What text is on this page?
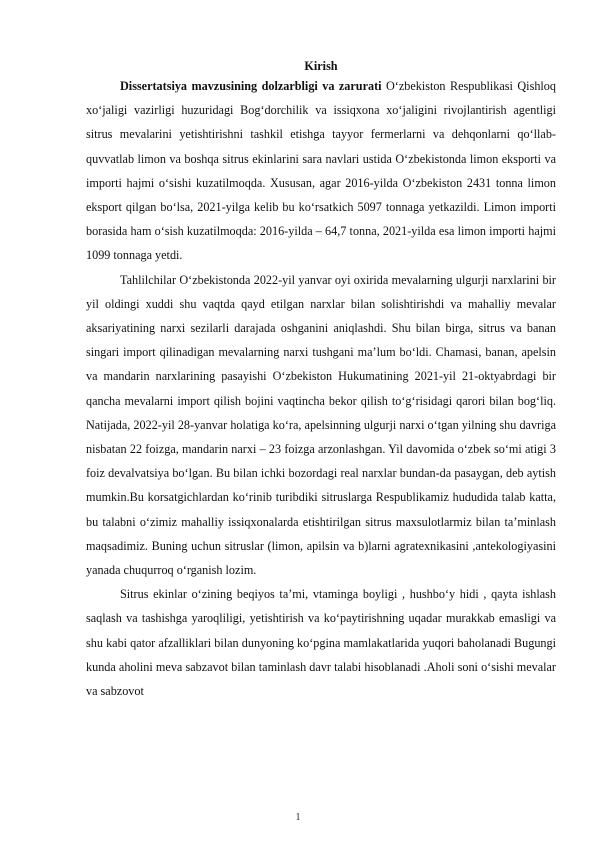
Kirish

Dissertatsiya mavzusining dolzarbligi va zarurati O‘zbekiston Respublikasi Qishloq xo‘jaligi vazirligi huzuridagi Bog‘dorchilik va issiqxona xo‘jaligini rivojlantirish agentligi sitrus mevalarini yetishtirishni tashkil etishga tayyor fermerlarni va dehqonlarni qo‘llab-quvvatlab limon va boshqa sitrus ekinlarini sara navlari ustida O‘zbekistonda limon eksporti va importi hajmi o‘sishi kuzatilmoqda. Xususan, agar 2016-yilda O‘zbekiston 2431 tonna limon eksport qilgan bo‘lsa, 2021-yilga kelib bu ko‘rsatkich 5097 tonnaga yetkazildi. Limon importi borasida ham o‘sish kuzatilmoqda: 2016-yilda – 64,7 tonna, 2021-yilda esa limon importi hajmi 1099 tonnaga yetdi.

Tahlilchilar O‘zbekistonda 2022-yil yanvar oyi oxirida mevalarning ulgurji narxlarini bir yil oldingi xuddi shu vaqtda qayd etilgan narxlar bilan solishtirishdi va mahalliy mevalar aksariyatining narxi sezilarli darajada oshganini aniqlashdi. Shu bilan birga, sitrus va banan singari import qilinadigan mevalarning narxi tushgani ma’lum bo‘ldi. Chamasi, banan, apelsin va mandarin narxlarining pasayishi O‘zbekiston Hukumatining 2021-yil 21-oktyabrdagi bir qancha mevalarni import qilish bojini vaqtincha bekor qilish to‘g‘risidagi qarori bilan bog‘liq. Natijada, 2022-yil 28-yanvar holatiga ko‘ra, apelsinning ulgurji narxi o‘tgan yilning shu davriga nisbatan 22 foizga, mandarin narxi – 23 foizga arzonlashgan. Yil davomida o‘zbek so‘mi atigi 3 foiz devalvatsiya bo‘lgan. Bu bilan ichki bozordagi real narxlar bundan-da pasaygan, deb aytish mumkin.Bu korsatgichlardan ko‘rinib turibdiki sitruslarga Respublikamiz hududida talab katta, bu talabni o‘zimiz mahalliy issiqxonalarda etishtirilgan sitrus maxsulotlarmiz bilan ta’minlash maqsadimiz. Buning uchun sitruslar (limon, apilsin va b)larni agratexnikasini ,antekologiyasini yanada chuqurroq o‘rganish lozim.

Sitrus ekinlar o‘zining beqiyos ta’mi, vtaminga boyligi , hushbo‘y hidi , qayta ishlash saqlash va tashishga yaroqliligi, yetishtirish va ko‘paytirishning uqadar murakkab emasligi va shu kabi qator afzalliklari bilan dunyoning ko‘pgina mamlakatlarida yuqori baholanadi Bugungi kunda aholini meva sabzavot bilan taminlash davr talabi hisoblanadi .Aholi soni o‘sishi mevalar va sabzovot

1
